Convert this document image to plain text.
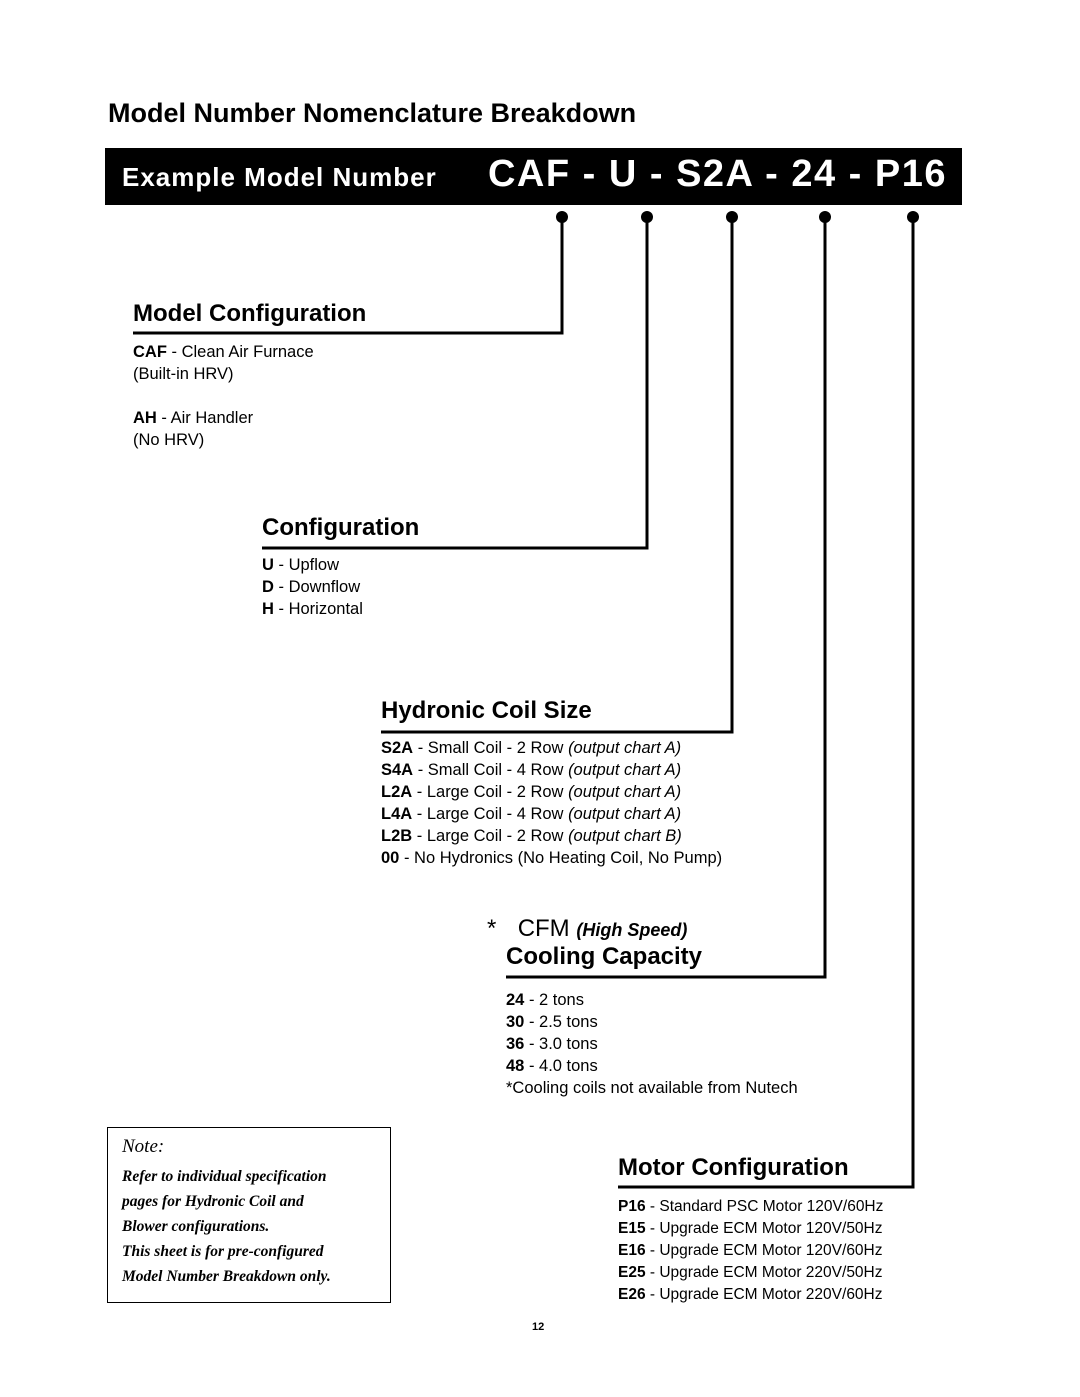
Model Number Nomenclature Breakdown
Example Model Number CAF - U - S2A - 24 - P16
Model Configuration
CAF - Clean Air Furnace
(Built-in HRV)
AH - Air Handler
(No HRV)
Configuration
U - Upflow
D - Downflow
H - Horizontal
Hydronic Coil Size
S2A - Small Coil - 2 Row (output chart A)
S4A - Small Coil - 4 Row (output chart A)
L2A - Large Coil - 2 Row (output chart A)
L4A - Large Coil - 4 Row (output chart A)
L2B - Large Coil - 2 Row (output chart B)
00 - No Hydronics (No Heating Coil, No Pump)
* CFM (High Speed)
Cooling Capacity
24 - 2 tons
30 - 2.5 tons
36 - 3.0 tons
48 - 4.0 tons
*Cooling coils not available from Nutech
Motor Configuration
P16 - Standard PSC Motor 120V/60Hz
E15 - Upgrade ECM Motor 120V/50Hz
E16 - Upgrade ECM Motor 120V/60Hz
E25 - Upgrade ECM Motor 220V/50Hz
E26 - Upgrade ECM Motor 220V/60Hz
Note:
Refer to individual specification
pages for Hydronic Coil and
Blower configurations.
This sheet is for pre-configured
Model Number Breakdown only.
12
